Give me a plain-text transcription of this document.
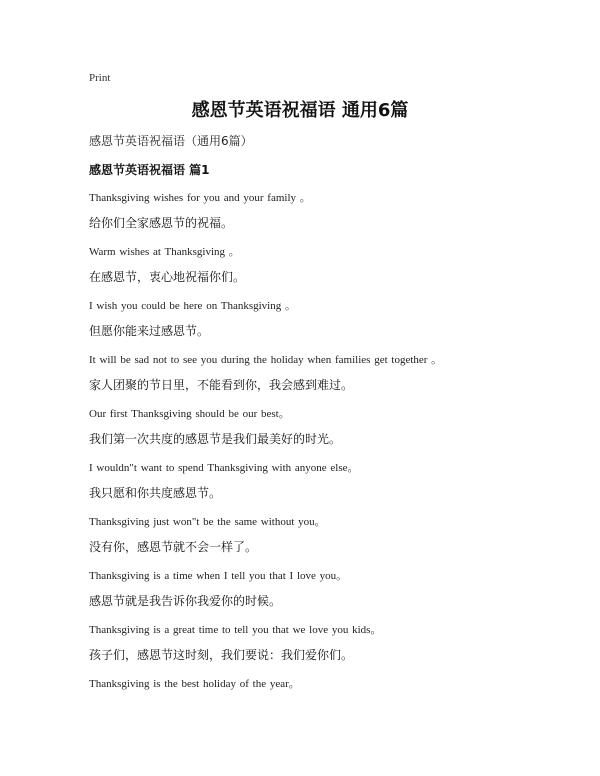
Print
感恩节英语祝福语 通用6篇
感恩节英语祝福语（通用6篇）
感恩节英语祝福语 篇1
Thanksgiving wishes for you and your family 。
给你们全家感恩节的祝福。
Warm wishes at Thanksgiving 。
在感恩节，衷心地祝福你们。
I wish you could be here on Thanksgiving 。
但愿你能来过感恩节。
It will be sad not to see you during the holiday when families get together 。
家人团聚的节日里，不能看到你，我会感到难过。
Our first Thanksgiving should be our best。
我们第一次共度的感恩节是我们最美好的时光。
I wouldn"t want to spend Thanksgiving with anyone else。
我只愿和你共度感恩节。
Thanksgiving just won"t be the same without you。
没有你，感恩节就不会一样了。
Thanksgiving is a time when I tell you that I love you。
感恩节就是我告诉你我爱你的时候。
Thanksgiving is a great time to tell you that we love you kids。
孩子们，感恩节这时刻，我们要说：我们爱你们。
Thanksgiving is the best holiday of the year。
